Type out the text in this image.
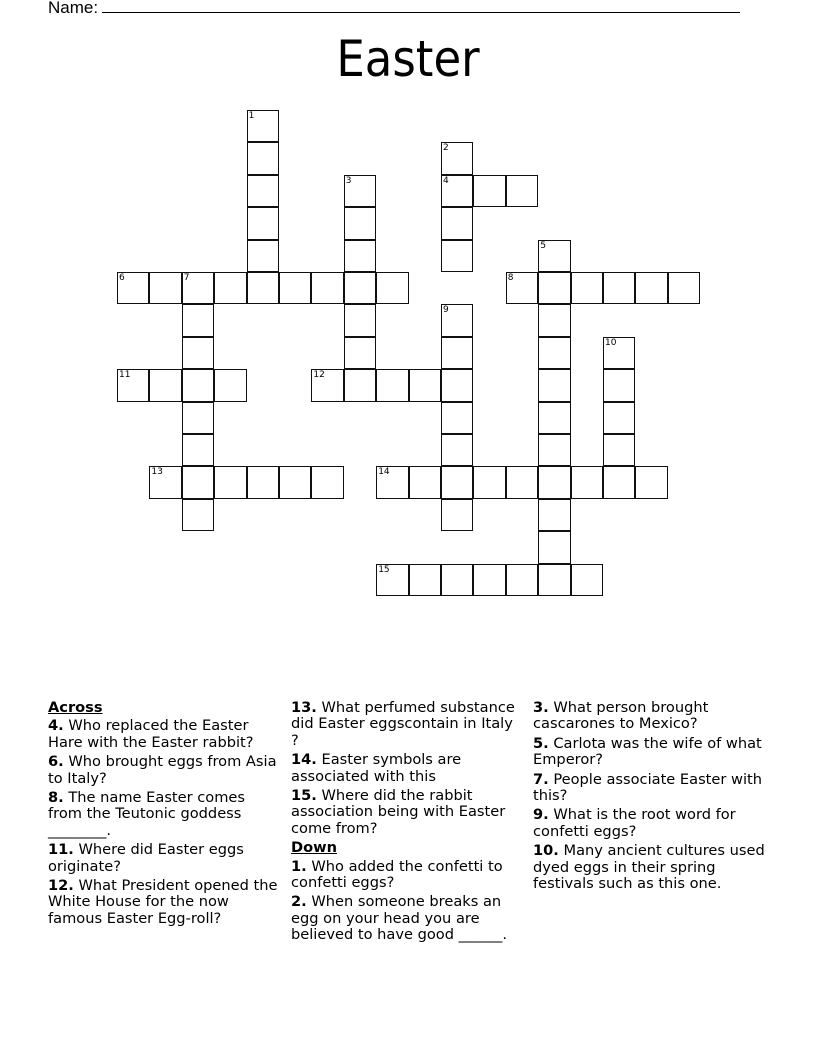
Name:
Easter
1
2
4
3
5
6	7	8
9
10
11	12
13	14
15
Across
4. Who replaced the Easter Hare with the Easter rabbit?
6. Who brought eggs from Asia to Italy?
8. The name Easter comes from the Teutonic goddess ________.
11. Where did Easter eggs originate?
12. What President opened the White House for the now famous Easter Egg-roll?
13. What perfumed substance did Easter eggscontain in Italy ?
14. Easter symbols are associated with this
15. Where did the rabbit association being with Easter come from?
Down
1. Who added the confetti to confetti eggs?
2. When someone breaks an egg on your head you are believed to have good ______.
3. What person brought cascarones to Mexico?
5. Carlota was the wife of what Emperor?
7. People associate Easter with this?
9. What is the root word for confetti eggs?
10. Many ancient cultures used dyed eggs in their spring festivals such as this one.
